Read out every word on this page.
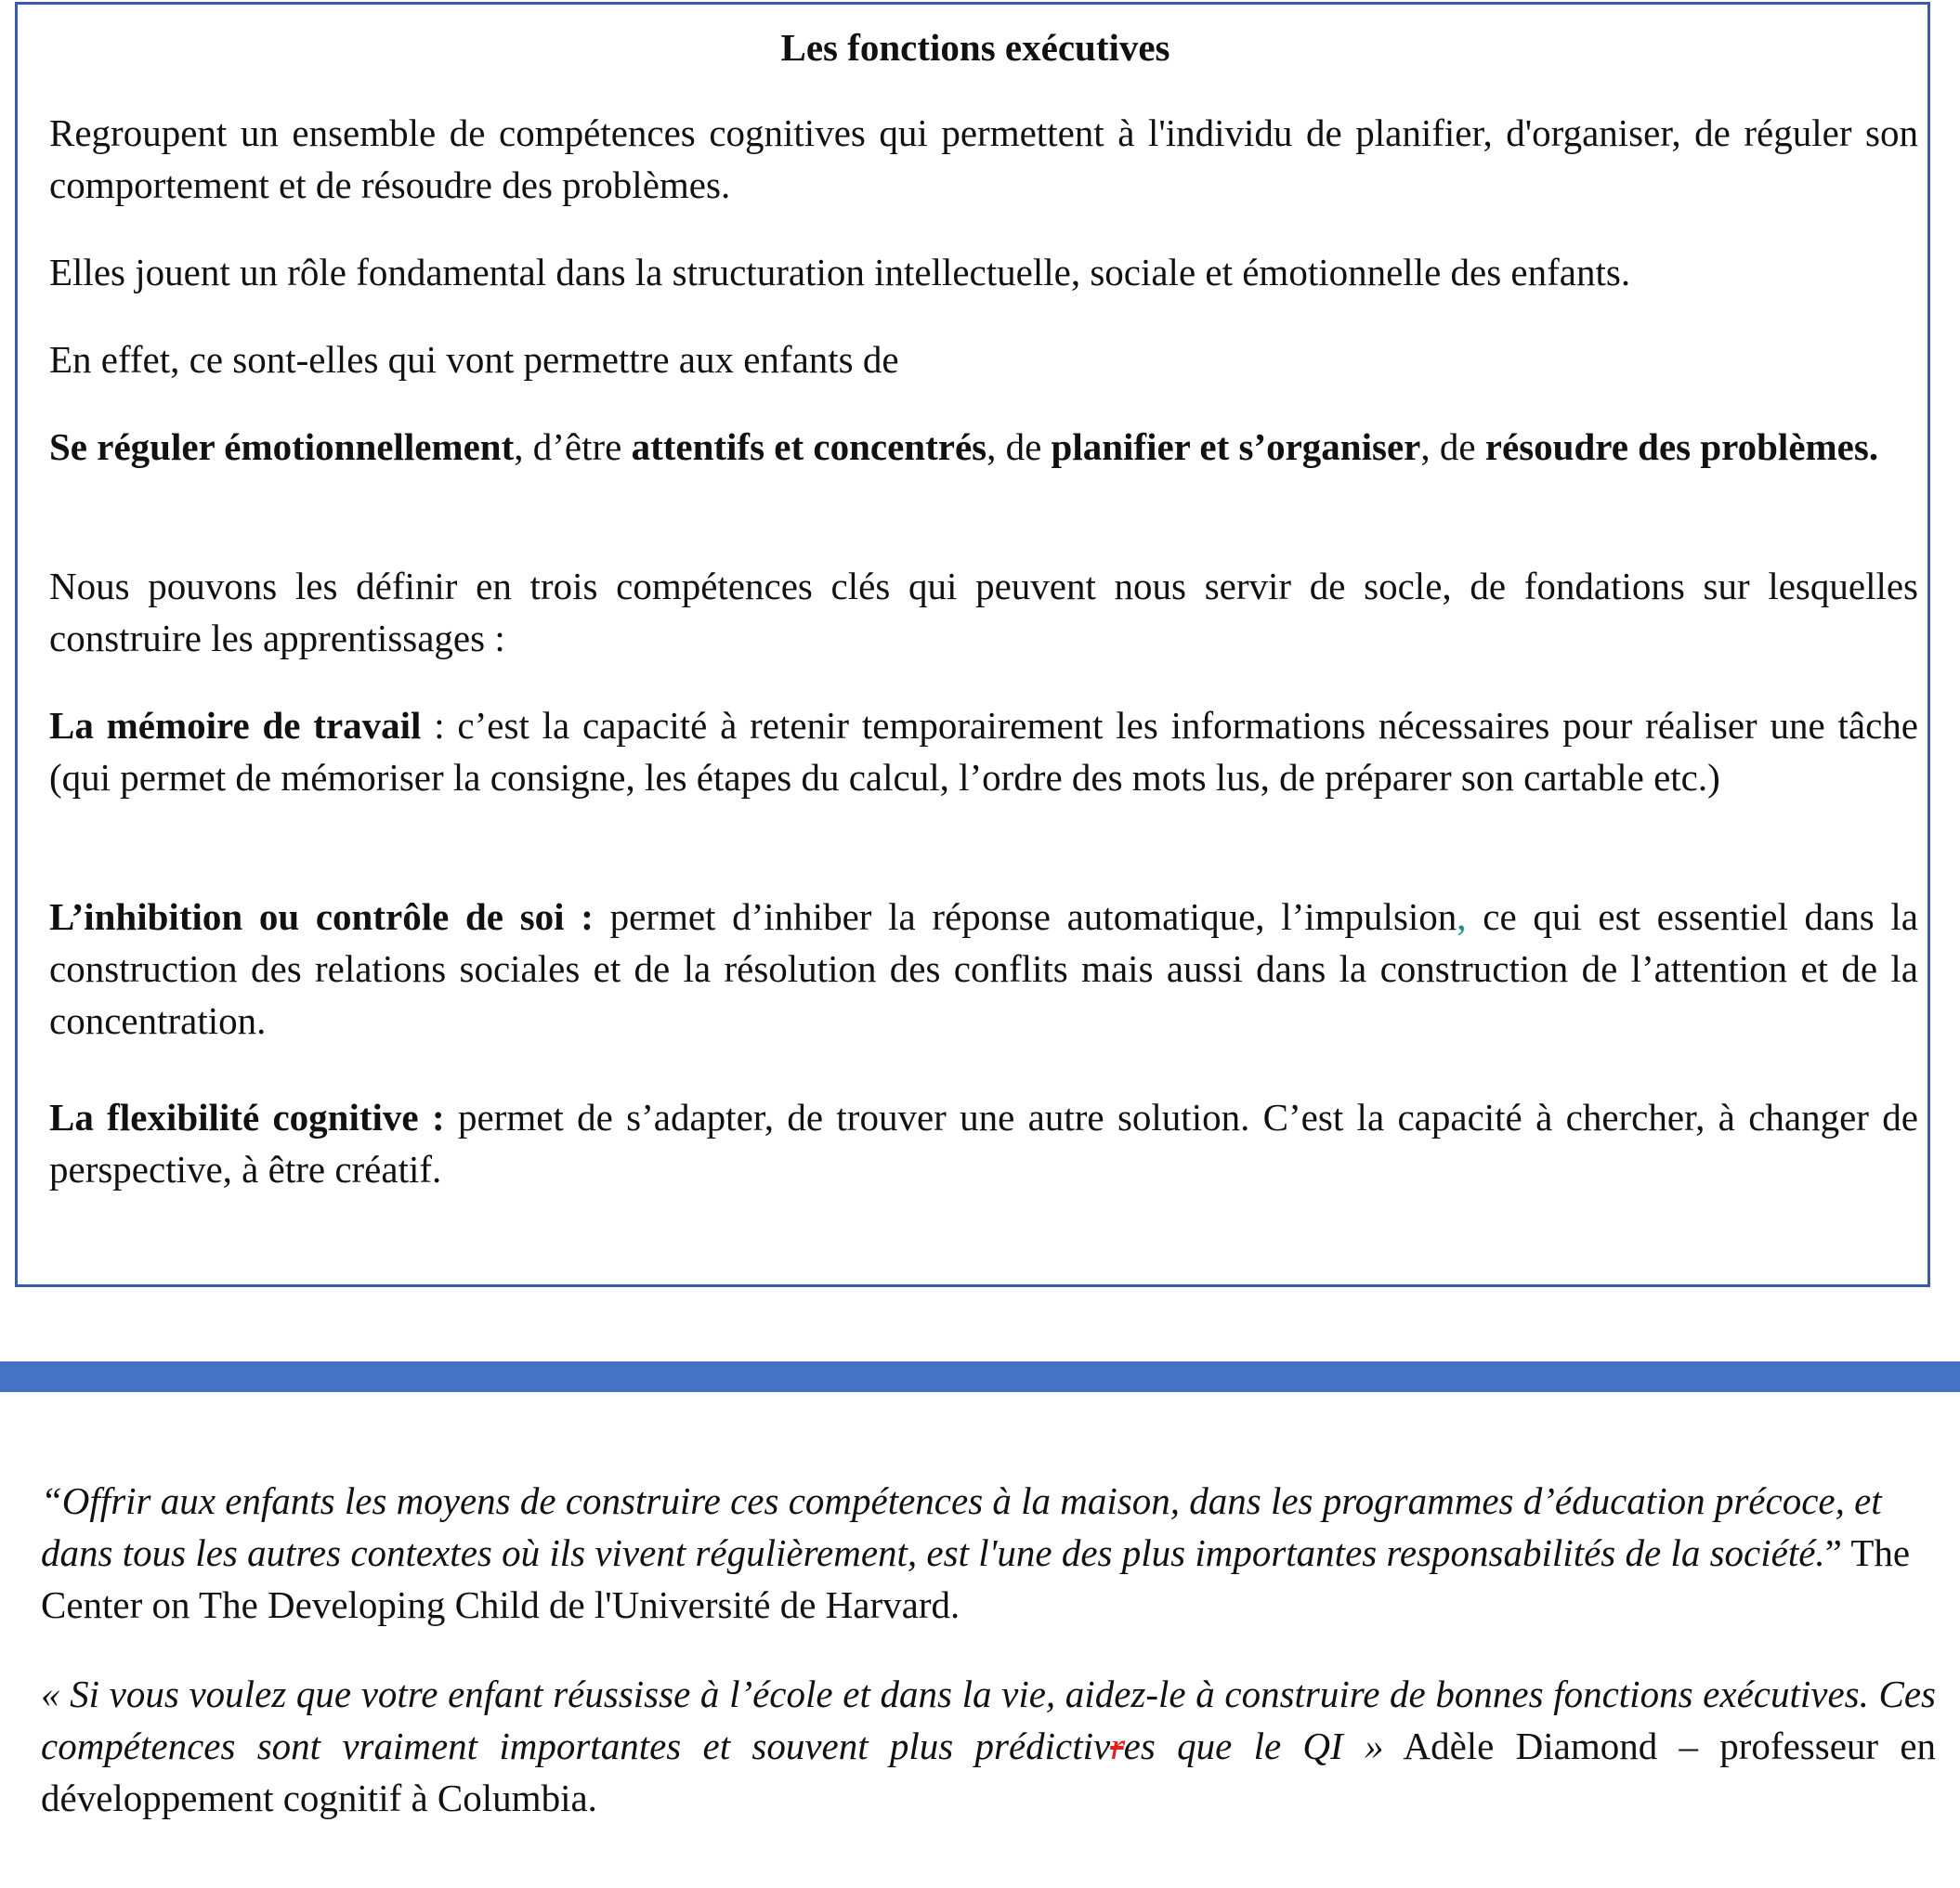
Les fonctions exécutives

Regroupent un ensemble de compétences cognitives qui permettent à l'individu de planifier, d'organiser, de réguler son comportement et de résoudre des problèmes.

Elles jouent un rôle fondamental dans la structuration intellectuelle, sociale et émotionnelle des enfants.

En effet, ce sont-elles qui vont permettre aux enfants de

Se réguler émotionnellement, d’être attentifs et concentrés, de planifier et s’organiser, de résoudre des problèmes.

Nous pouvons les définir en trois compétences clés qui peuvent nous servir de socle, de fondations sur lesquelles construire les apprentissages :

La mémoire de travail : c’est la capacité à retenir temporairement les informations nécessaires pour réaliser une tâche (qui permet de mémoriser la consigne, les étapes du calcul, l’ordre des mots lus, de préparer son cartable etc.)

L’inhibition ou contrôle de soi : permet d’inhiber la réponse automatique, l’impulsion, ce qui est essentiel dans la construction des relations sociales et de la résolution des conflits mais aussi dans la construction de l’attention et de la concentration.

La flexibilité cognitive : permet de s’adapter, de trouver une autre solution. C’est la capacité à chercher, à changer de perspective, à être créatif.

“Offrir aux enfants les moyens de construire ces compétences à la maison, dans les programmes d’éducation précoce, et dans tous les autres contextes où ils vivent régulièrement, est l'une des plus importantes responsabilités de la société.” The Center on The Developing Child de l'Université de Harvard.

« Si vous voulez que votre enfant réussisse à l’école et dans la vie, aidez-le à construire de bonnes fonctions exécutives. Ces compétences sont vraiment importantes et souvent plus prédictivres que le QI » Adèle Diamond – professeur en développement cognitif à Columbia.
